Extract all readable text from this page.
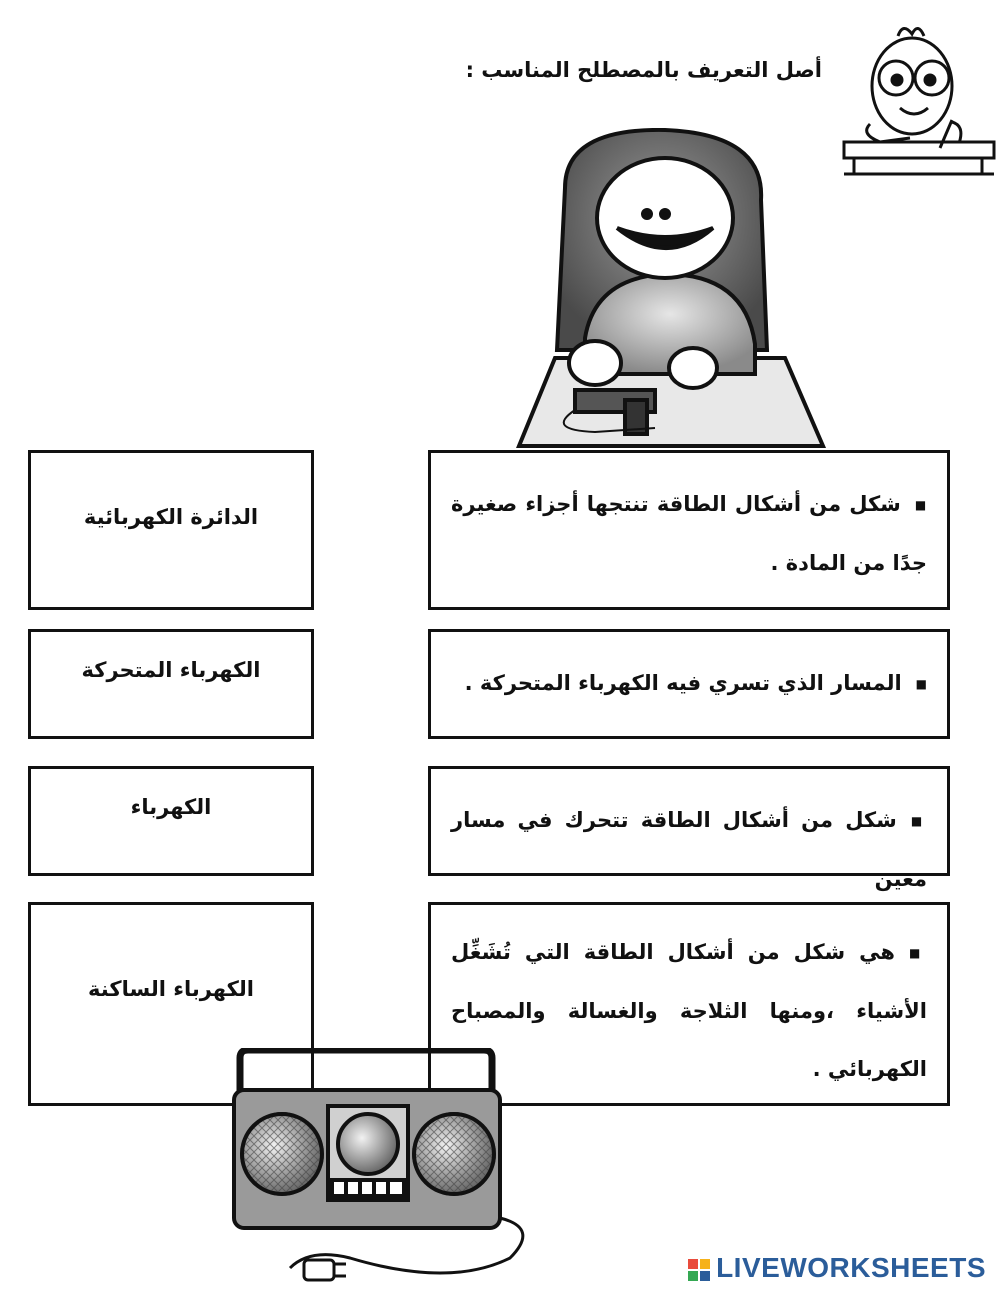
أصل التعريف بالمصطلح المناسب :
■شكل من أشكال الطاقة تنتجها أجزاء صغيرة جدًا من المادة .
■المسار الذي تسري فيه الكهرباء المتحركة .
■شكل من أشكال الطاقة تتحرك في مسار معين
■هي شكل من أشكال الطاقة التي تُشَغِّل الأشياء ،ومنها الثلاجة والغسالة والمصباح الكهربائي .
الدائرة الكهربائية
الكهرباء المتحركة
الكهرباء
الكهرباء الساكنة
LIVEWORKSHEETS
